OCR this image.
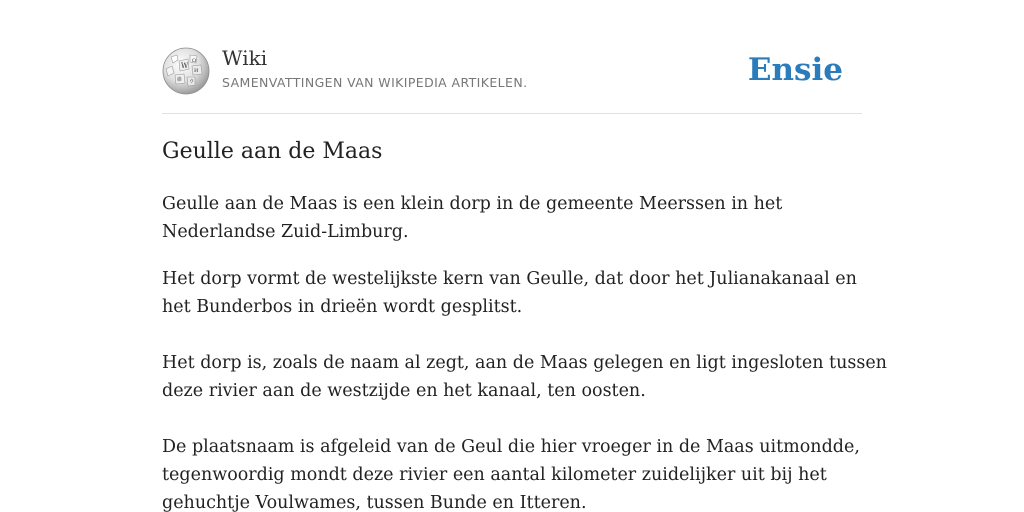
W
Ω
И
維 ウ
Wiki
SAMENVATTINGEN VAN WIKIPEDIA ARTIKELEN.	Ensie
Geulle aan de Maas

Geulle aan de Maas is een klein dorp in de gemeente Meerssen in het
Nederlandse Zuid-Limburg.

Het dorp vormt de westelijkste kern van Geulle, dat door het Julianakanaal en
het Bunderbos in drieën wordt gesplitst.
Het dorp is, zoals de naam al zegt, aan de Maas gelegen en ligt ingesloten tussen
deze rivier aan de westzijde en het kanaal, ten oosten.
De plaatsnaam is afgeleid van de Geul die hier vroeger in de Maas uitmondde,
tegenwoordig mondt deze rivier een aantal kilometer zuidelijker uit bij het
gehuchtje Voulwames, tussen Bunde en Itteren.
